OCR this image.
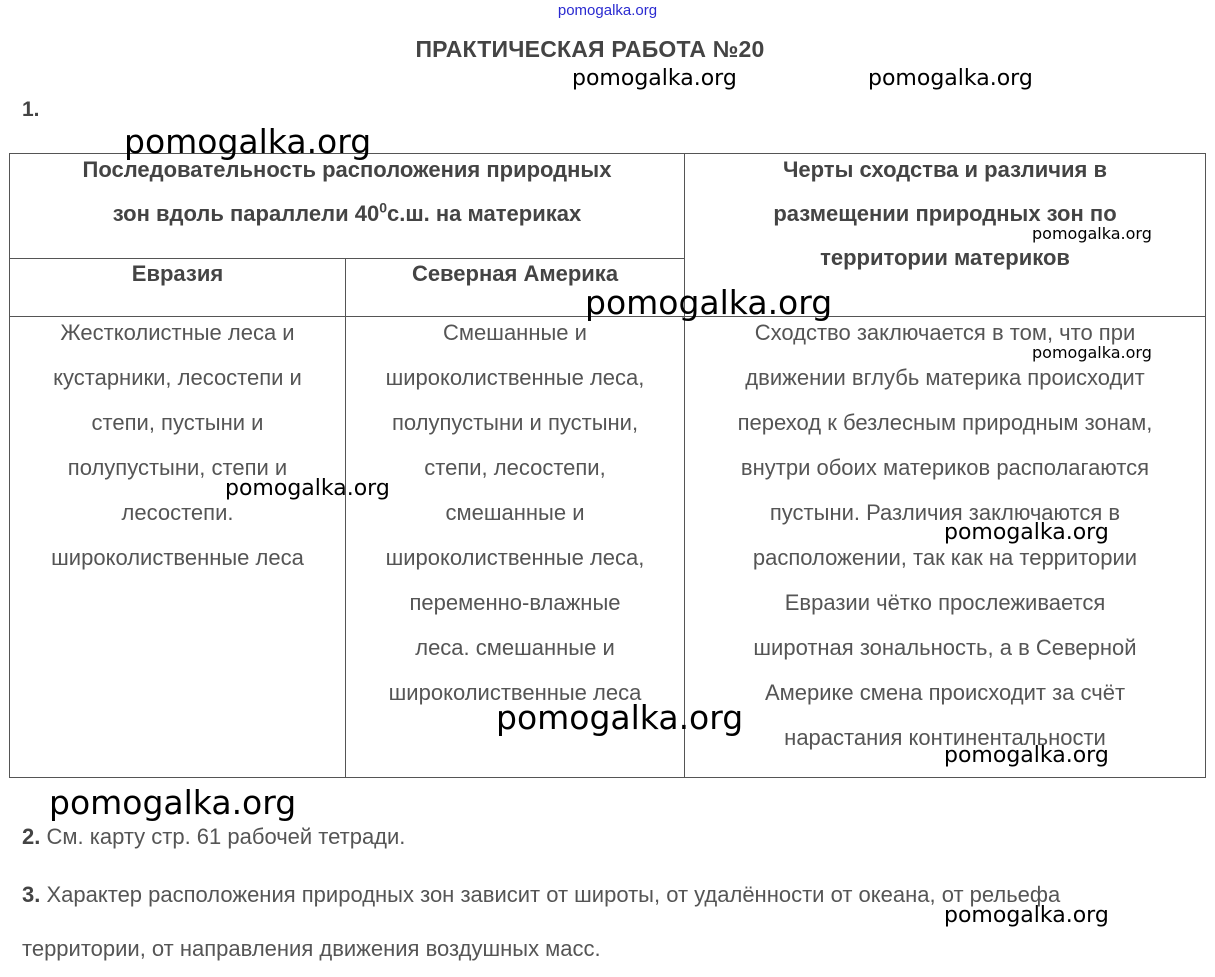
pomogalka.org
ПРАКТИЧЕСКАЯ РАБОТА №20
1.
Последовательность расположения природных
зон вдоль параллели $40^0с.ш$. на материках
Черты сходства и различия в
размещении природных зон по
территории материков
Евразия	Северная Америка
Жестколистные леса и
кустарники, лесостепи и
степи, пустыни и
полупустыни, степи и
лесостепи.
широколиственные леса
Смешанные и
широколиственные леса,
полупустыни и пустыни,
степи, лесостепи,
смешанные и
широколиственные леса,
переменно-влажные
леса. смешанные и
широколиственные леса
Сходство заключается в том, что при
движении вглубь материка происходит
переход к безлесным природным зонам,
внутри обоих материков располагаются
пустыни. Различия заключаются в
расположении, так как на территории
Евразии чётко прослеживается
широтная зональность, а в Северной
Америке смена происходит за счёт
нарастания континентальности
2. См. карту стр. 61 рабочей тетради.
3. Характер расположения природных зон зависит от широты, от удалённости от океана, от рельефа территории, от направления движения воздушных масс.
pomogalka.org	pomogalka.org
pomogalka.org
pomogalka.org
pomogalka.org
pomogalka.org
pomogalka.org
pomogalka.org
pomogalka.org
pomogalka.org
pomogalka.org
pomogalka.org
